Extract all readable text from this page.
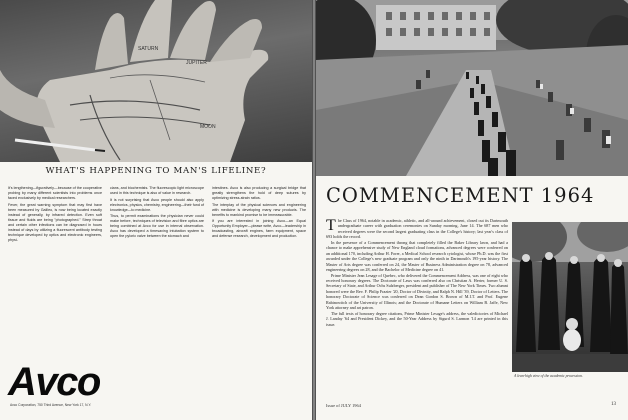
SATURN
JUPITER
MOON
WHAT'S HAPPENING TO MAN'S LIFELINE?

It's lengthening—figuratively—because of the cooperative probing by many different scientists into problems once faced exclusively by medical researchers.

Fever, the great warning symptom that may first have been measured by Galileo, is now being located exactly instead of generally, by infrared detection. Even soft tissue and fluids are being "photographed." Strep throat and certain other infections can be diagnosed in hours instead of days by utilizing a fluorescent antibody testing technique developed by optics and electronic engineers, physi-

cians, and biochemists. The fluorescopic light microscope used in this technique is also of value in research.

It is not surprising that Avco people should also apply electronics, physics, chemistry, engineering—their fund of knowledge—to medicine.

Thus, to permit examinations the physician never could make before, techniques of television and fibre optics are being combined at Avco for use in internal observation. Avco has developed a timesaving intubation system to open the pyloric valve between the stomach and

intestines. Avco is also producing a surgical bridge that greatly strengthens the hold of deep sutures by optimizing stress-strain ratios.

The interplay of the physical sciences and engineering with medicine is developing many new products. The benefits to mankind promise to be immeasurable.

If you are interested in joining Avco—an Equal Opportunity Employer—please write, Avco—leadership in broadcasting, aircraft engines, farm equipment, space and defense research, development and production.

Avco
Avco Corporation, 750 Third Avenue, New York 17, N.Y.
COMMENCEMENT 1964

The Class of 1964, notable in academic, athletic, and all-around achievement, closed out its Dartmouth undergraduate career with graduation ceremonies on Sunday morning, June 14. The 687 men who received degrees were the second largest graduating class in the College's history; last year's class of 693 holds the record.

In the presence of a Commencement throng that completely filled the Baker Library lawn, and had a chance to make apprehensive study of New England cloud formations, advanced degrees were conferred on an additional 170, including Arthur H. Forer, a Medical School research cytologist, whose Ph.D. was the first awarded under the College's new graduate program and only the ninth in Dartmouth's 195-year history. The Master of Arts degree was conferred on 24, the Master of Business Administration degree on 78, advanced engineering degrees on 28, and the Bachelor of Medicine degree on 41.

Prime Minister Jean Lesage of Quebec, who delivered the Commencement Address, was one of eight who received honorary degrees. The Doctorate of Laws was conferred also on Christian A. Herter, former U. S. Secretary of State, and Arthur Ochs Sulzberger, president and publisher of The New York Times. Two alumni honored were the Rev. F. Philip Frazier '20, Doctor of Divinity, and Ralph N. Hill '39, Doctor of Letters. The honorary Doctorate of Science was conferred on Dean Gordon S. Brown of M.I.T. and Prof. Eugene Rabinowitch of the University of Illinois; and the Doctorate of Humane Letters on William B. Jaffe, New York attorney and art patron.

The full texts of honorary degree citations, Prime Minister Lesage's address, the valedictories of Michael J. Landay '64 and President Dickey, and the 50-Year Address by Sigurd S. Larmon '14 are printed in this issue.

A lean-high view of the academic procession.
Issue of JULY 1964	13
